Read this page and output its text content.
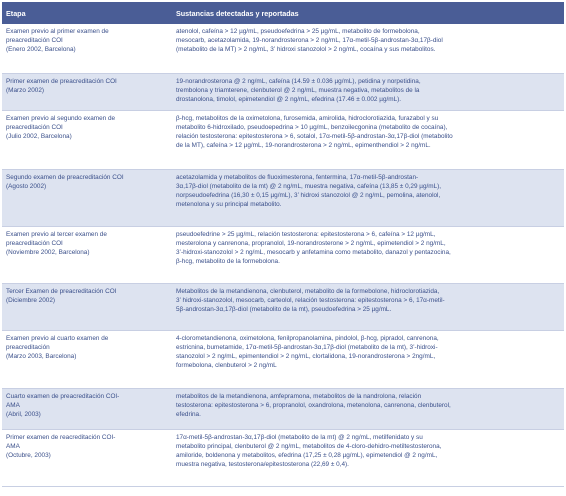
Etapa	Sustancias detectadas y reportadas
Examen previo al primer examen de
preacreditación COI
(Enero 2002, Barcelona)
atenolol, cafeína > 12 µg/mL, pseudoefedrina > 25 µg/mL, metabolito de formebolona,
mesocarb, acetazolamida, 19-norandrosterona > 2 ng/mL, 17α-metil-5β-androstan-3α,17β-diol
(metabolito de la MT) > 2 ng/mL, 3’ hidroxi stanozolol > 2 ng/mL, cocaína y sus metabolitos.
Primer examen de preacreditación COI
(Marzo 2002)
19-norandrosterona @ 2 ng/mL, cafeína (14.59 ± 0.036 µg/mL), petidina y norpetidina,
trembolona y triamterene, clenbuterol @ 2 ng/mL, muestra negativa, metabolitos de la
drostanolona, timolol, epimetendiol @ 2 ng/mL, efedrina (17.46 ± 0.002 µg/mL).
Examen previo al segundo examen de
preacreditación COI
(Julio 2002, Barcelona)
β-hcg, metabolitos de la oximetolona, furosemida, amirolida, hidroclorotiazida, furazabol y su
metabolito 6-hidroxilado, pseudoepedrina > 10 µg/mL, benzoilecgonina (metabolito de cocaína),
relación testosterona: epitestosterona > 6, sotalol, 17α-metil-5β-androstan-3α,17β-diol (metabolito
de la MT), cafeína > 12 µg/mL, 19-norandrosterona > 2 ng/mL, epimenthendiol > 2 ng/mL.
Segundo examen de preacreditación COI
(Agosto 2002)
acetazolamida y metabolitos de fluoximesterona, fentermina, 17α-metil-5β-androstan-
3α,17β-diol (metabolito de la mt) @ 2 ng/mL, muestra negativa, cafeína (13,85 ± 0,29 µg/mL),
norpseudoefedrina (16,30 ± 0,15 µg/mL), 3’ hidroxi stanozolol @ 2 ng/mL, pemolina, atenolol,
metenolona y su principal metabolito.
Examen previo al tercer examen de
preacreditación COI
(Noviembre 2002, Barcelona)
pseudoefedrine > 25 µg/mL, relación testosterona: epitestosterona > 6, cafeína > 12 µg/mL,
mesterolona y canrenona, propranolol, 19-norandrosterone > 2 ng/mL, epimetendiol > 2 ng/mL,
3’-hidroxi-stanozolol > 2 ng/mL, mesocarb y anfetamina como metabolito, danazol y pentazocina,
β-hcg, metabolito de la formebolona.
Tercer Examen de preacreditación COI
(Diciembre 2002)
Metabolitos de la metandienona, clenbuterol, metabolito de la formebolone, hidroclorotiazida,
3’ hidroxi-stanozolol, mesocarb, carteolol, relación testosterona: epitestosterona > 6, 17α-metil-
5β-androstan-3α,17β-diol (metabolito de la mt), pseudoefedrina > 25 µg/mL.
Examen previo al cuarto examen de
preacreditación
(Marzo 2003, Barcelona)
4-clorometandienona, oximetolona, fenilpropanolamina, pindolol, β-hcg, pipradol, canrenona,
estricnina, bumetamide, 17α-metil-5β-androstan-3α,17β-diol (metabolito de la mt), 3’-hidroxi-
stanozolol > 2 ng/mL, epimentendiol > 2 ng/mL, clortalidona, 19-norandrosterona > 2ng/mL,
formebolona, clenbuterol > 2 ng/mL
Cuarto examen de preacreditación COI-
AMA
(Abril, 2003)
metabolitos de la metandienona, amfepramona, metabolitos de la nandrolona, relación
testosterona: epitestosterona > 6, propranolol, oxandrolona, metenolona, canrenona, clenbuterol,
efedrina.
Primer examen de reacreditación COI-
AMA
(Octubre, 2003)
17α-metil-5β-androstan-3α,17β-diol (metabolito de la mt) @ 2 ng/mL, metilfenidato y su
metabolito principal, clenbuterol @ 2 ng/mL, metabolitos de 4-cloro-dehidro-metiltestosterona,
amiloride, boldenona y metabolitos, efedrina (17,25 ± 0,28 µg/mL), epimetendiol @ 2 ng/mL,
muestra negativa, testosterona/epitestosterona (22,69 ± 0,4).
